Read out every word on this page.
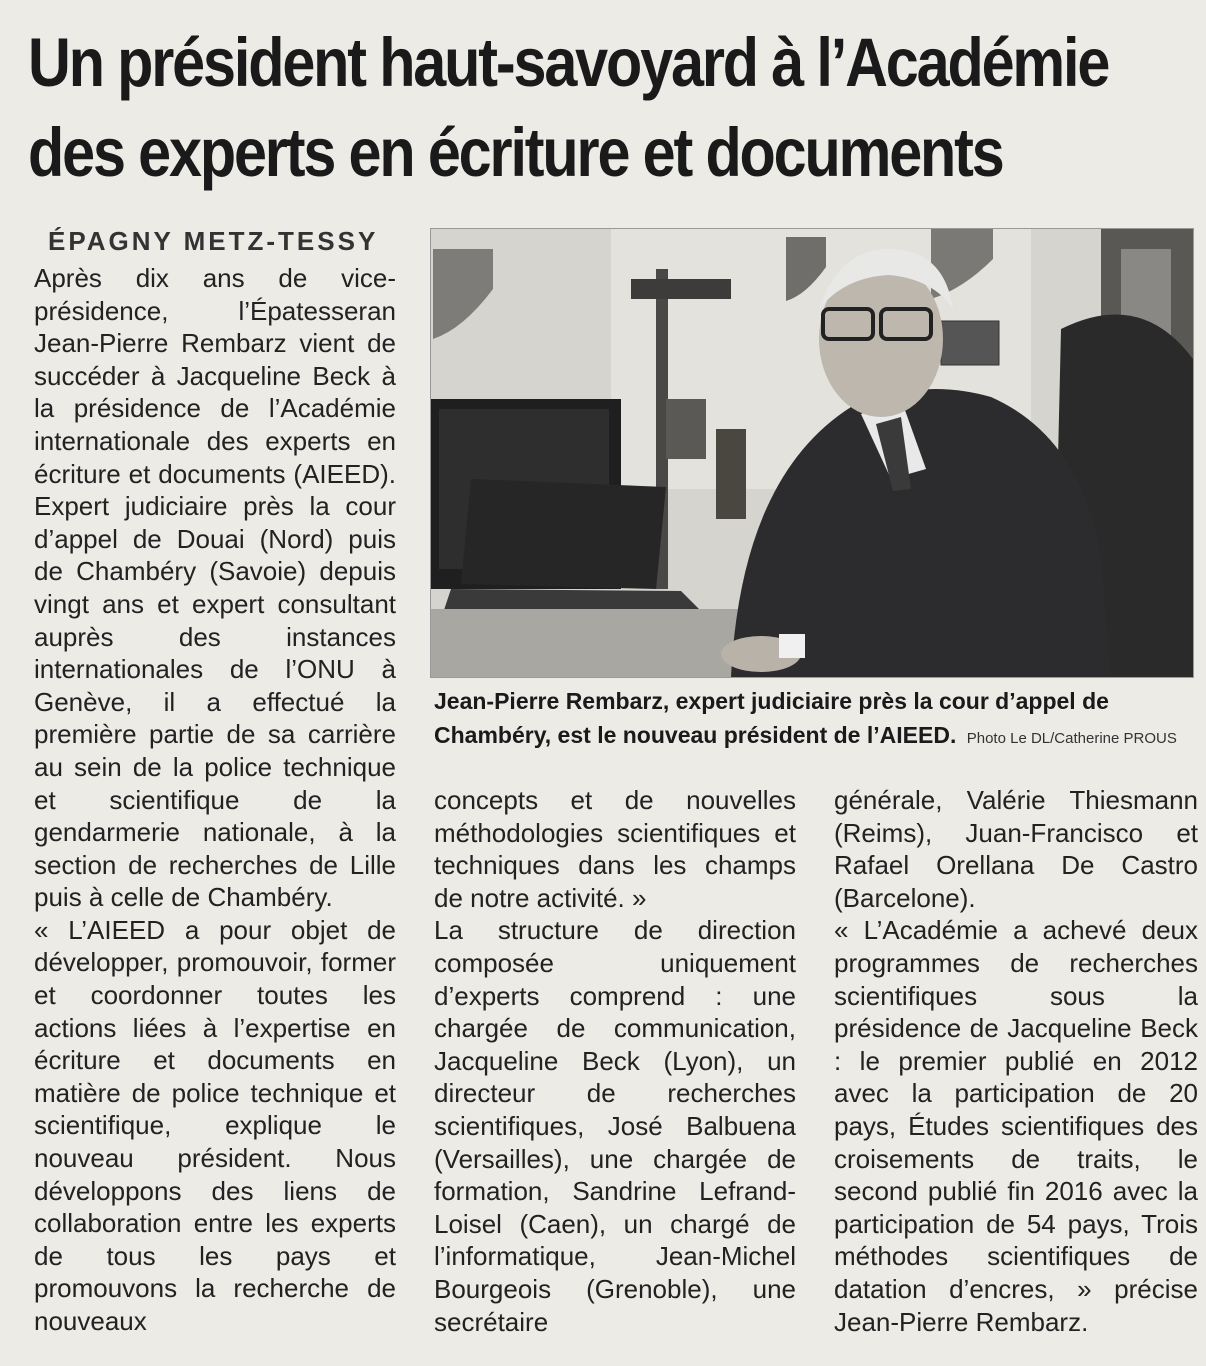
Un président haut-savoyard à l’Académie
des experts en écriture et documents
ÉPAGNY METZ-TESSY

Après dix ans de vice-présidence, l’Épatesseran Jean-Pierre Rembarz vient de succéder à Jacqueline Beck à la présidence de l’Académie internationale des experts en écriture et documents (AIEED). Expert judiciaire près la cour d’appel de Douai (Nord) puis de Chambéry (Savoie) depuis vingt ans et expert consultant auprès des instances internationales de l’ONU à Genève, il a effectué la première partie de sa carrière au sein de la police technique et scientifique de la gendarmerie nationale, à la section de recherches de Lille puis à celle de Chambéry.

« L’AIEED a pour objet de développer, promouvoir, former et coordonner toutes les actions liées à l’expertise en écriture et documents en matière de police technique et scientifique, explique le nouveau président. Nous développons des liens de collaboration entre les experts de tous les pays et promouvons la recherche de nouveaux

Jean-Pierre Rembarz, expert judiciaire près la cour d’appel de Chambéry, est le nouveau président de l’AIEED. Photo Le DL/Catherine PROUS

concepts et de nouvelles méthodologies scientifiques et techniques dans les champs de notre activité. »

La structure de direction composée uniquement d’experts comprend : une chargée de communication, Jacqueline Beck (Lyon), un directeur de recherches scientifiques, José Balbuena (Versailles), une chargée de formation, Sandrine Lefrand-Loisel (Caen), un chargé de l’informatique, Jean-Michel Bourgeois (Grenoble), une secrétaire

générale, Valérie Thiesmann (Reims), Juan-Francisco et Rafael Orellana De Castro (Barcelone).

« L’Académie a achevé deux programmes de recherches scientifiques sous la présidence de Jacqueline Beck : le premier publié en 2012 avec la participation de 20 pays, Études scientifiques des croisements de traits, le second publié fin 2016 avec la participation de 54 pays, Trois méthodes scientifiques de datation d’encres, » précise Jean-Pierre Rembarz.
